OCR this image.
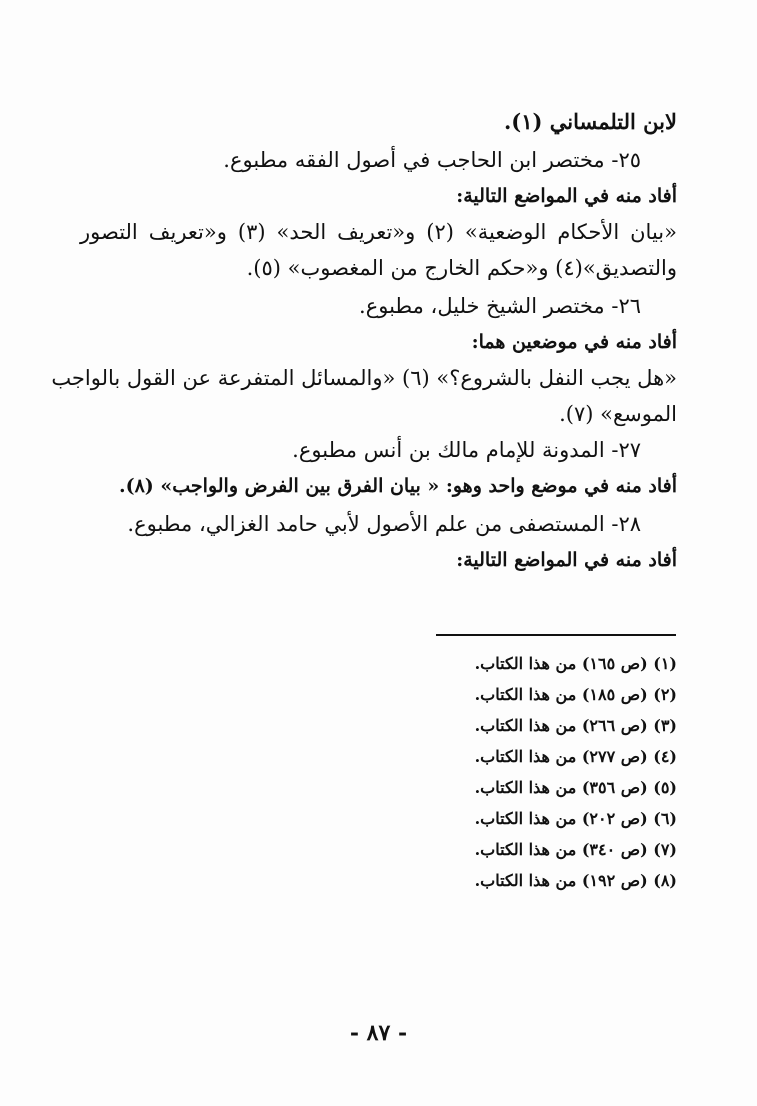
لابن التلمساني (١).
٢٥- مختصر ابن الحاجب في أصول الفقه مطبوع.
أفاد منه في المواضع التالية:
«بيان الأحكام الوضعية» (٢) و«تعريف الحد» (٣) و«تعريف التصور
والتصديق»(٤) و«حكم الخارج من المغصوب» (٥).
٢٦- مختصر الشيخ خليل، مطبوع.
أفاد منه في موضعين هما:
«هل يجب النفل بالشروع؟» (٦) «والمسائل المتفرعة عن القول بالواجب
الموسع» (٧).
٢٧- المدونة للإمام مالك بن أنس مطبوع.
أفاد منه في موضع واحد وهو: « بيان الفرق بين الفرض والواجب» (٨).
٢٨- المستصفى من علم الأصول لأبي حامد الغزالي، مطبوع.
أفاد منه في المواضع التالية:
(١) (ص ١٦٥) من هذا الكتاب.
(٢) (ص ١٨٥) من هذا الكتاب.
(٣) (ص ٢٦٦) من هذا الكتاب.
(٤) (ص ٢٧٧) من هذا الكتاب.
(٥) (ص ٣٥٦) من هذا الكتاب.
(٦) (ص ٢٠٢) من هذا الكتاب.
(٧) (ص ٣٤٠) من هذا الكتاب.
(٨) (ص ١٩٢) من هذا الكتاب.
- ٨٧ -
